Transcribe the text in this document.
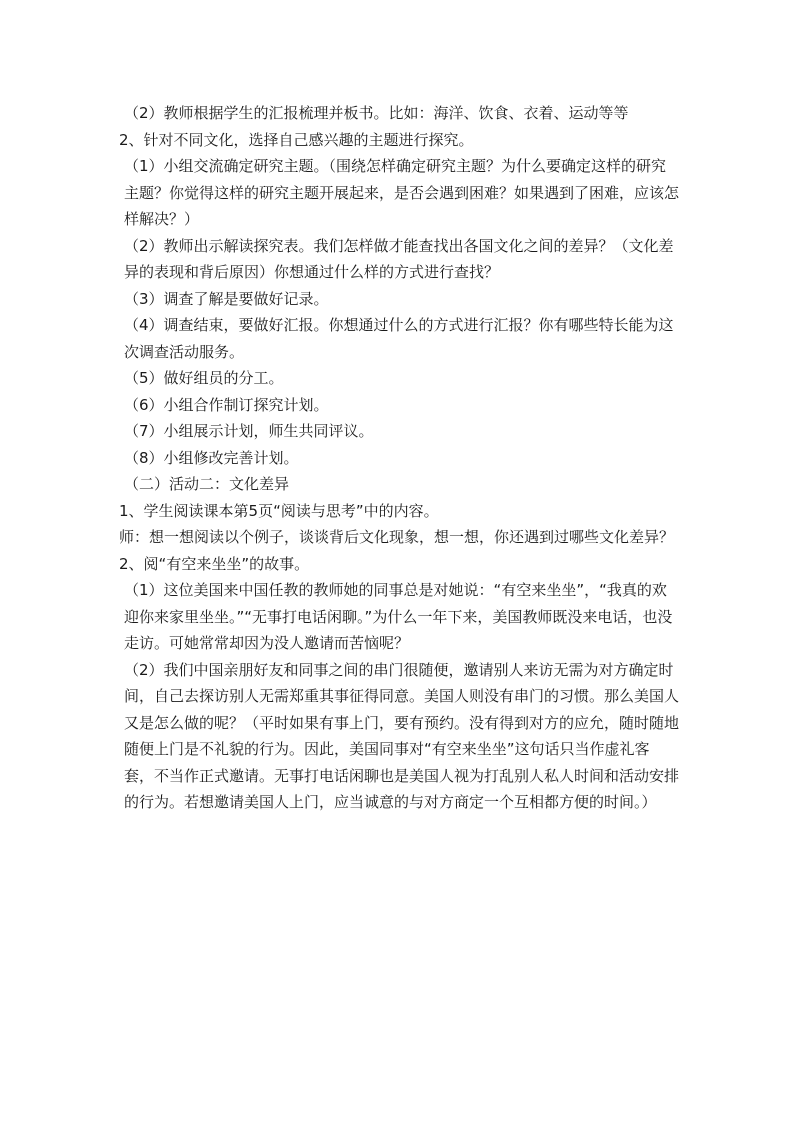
（2）教师根据学生的汇报梳理并板书。比如：海洋、饮食、衣着、运动等等

2、针对不同文化，选择自己感兴趣的主题进行探究。

（1）小组交流确定研究主题。（围绕怎样确定研究主题？为什么要确定这样的研究主题？你觉得这样的研究主题开展起来，是否会遇到困难？如果遇到了困难，应该怎样解决？）

（2）教师出示解读探究表。我们怎样做才能查找出各国文化之间的差异？（文化差异的表现和背后原因）你想通过什么样的方式进行查找？

（3）调查了解是要做好记录。

（4）调查结束，要做好汇报。你想通过什么的方式进行汇报？你有哪些特长能为这次调查活动服务。

（5）做好组员的分工。

（6）小组合作制订探究计划。

（7）小组展示计划，师生共同评议。

（8）小组修改完善计划。

（二）活动二：文化差异

1、学生阅读课本第5页“阅读与思考”中的内容。

师：想一想阅读以个例子，谈谈背后文化现象，想一想，你还遇到过哪些文化差异？

2、阅“有空来坐坐”的故事。

（1）这位美国来中国任教的教师她的同事总是对她说：“有空来坐坐”，“我真的欢迎你来家里坐坐。”“无事打电话闲聊。”为什么一年下来，美国教师既没来电话，也没走访。可她常常却因为没人邀请而苦恼呢？

（2）我们中国亲朋好友和同事之间的串门很随便，邀请别人来访无需为对方确定时间，自己去探访别人无需郑重其事征得同意。美国人则没有串门的习惯。那么美国人又是怎么做的呢？（平时如果有事上门，要有预约。没有得到对方的应允，随时随地随便上门是不礼貌的行为。因此，美国同事对“有空来坐坐”这句话只当作虚礼客套，不当作正式邀请。无事打电话闲聊也是美国人视为打乱别人私人时间和活动安排的行为。若想邀请美国人上门，应当诚意的与对方商定一个互相都方便的时间。）
